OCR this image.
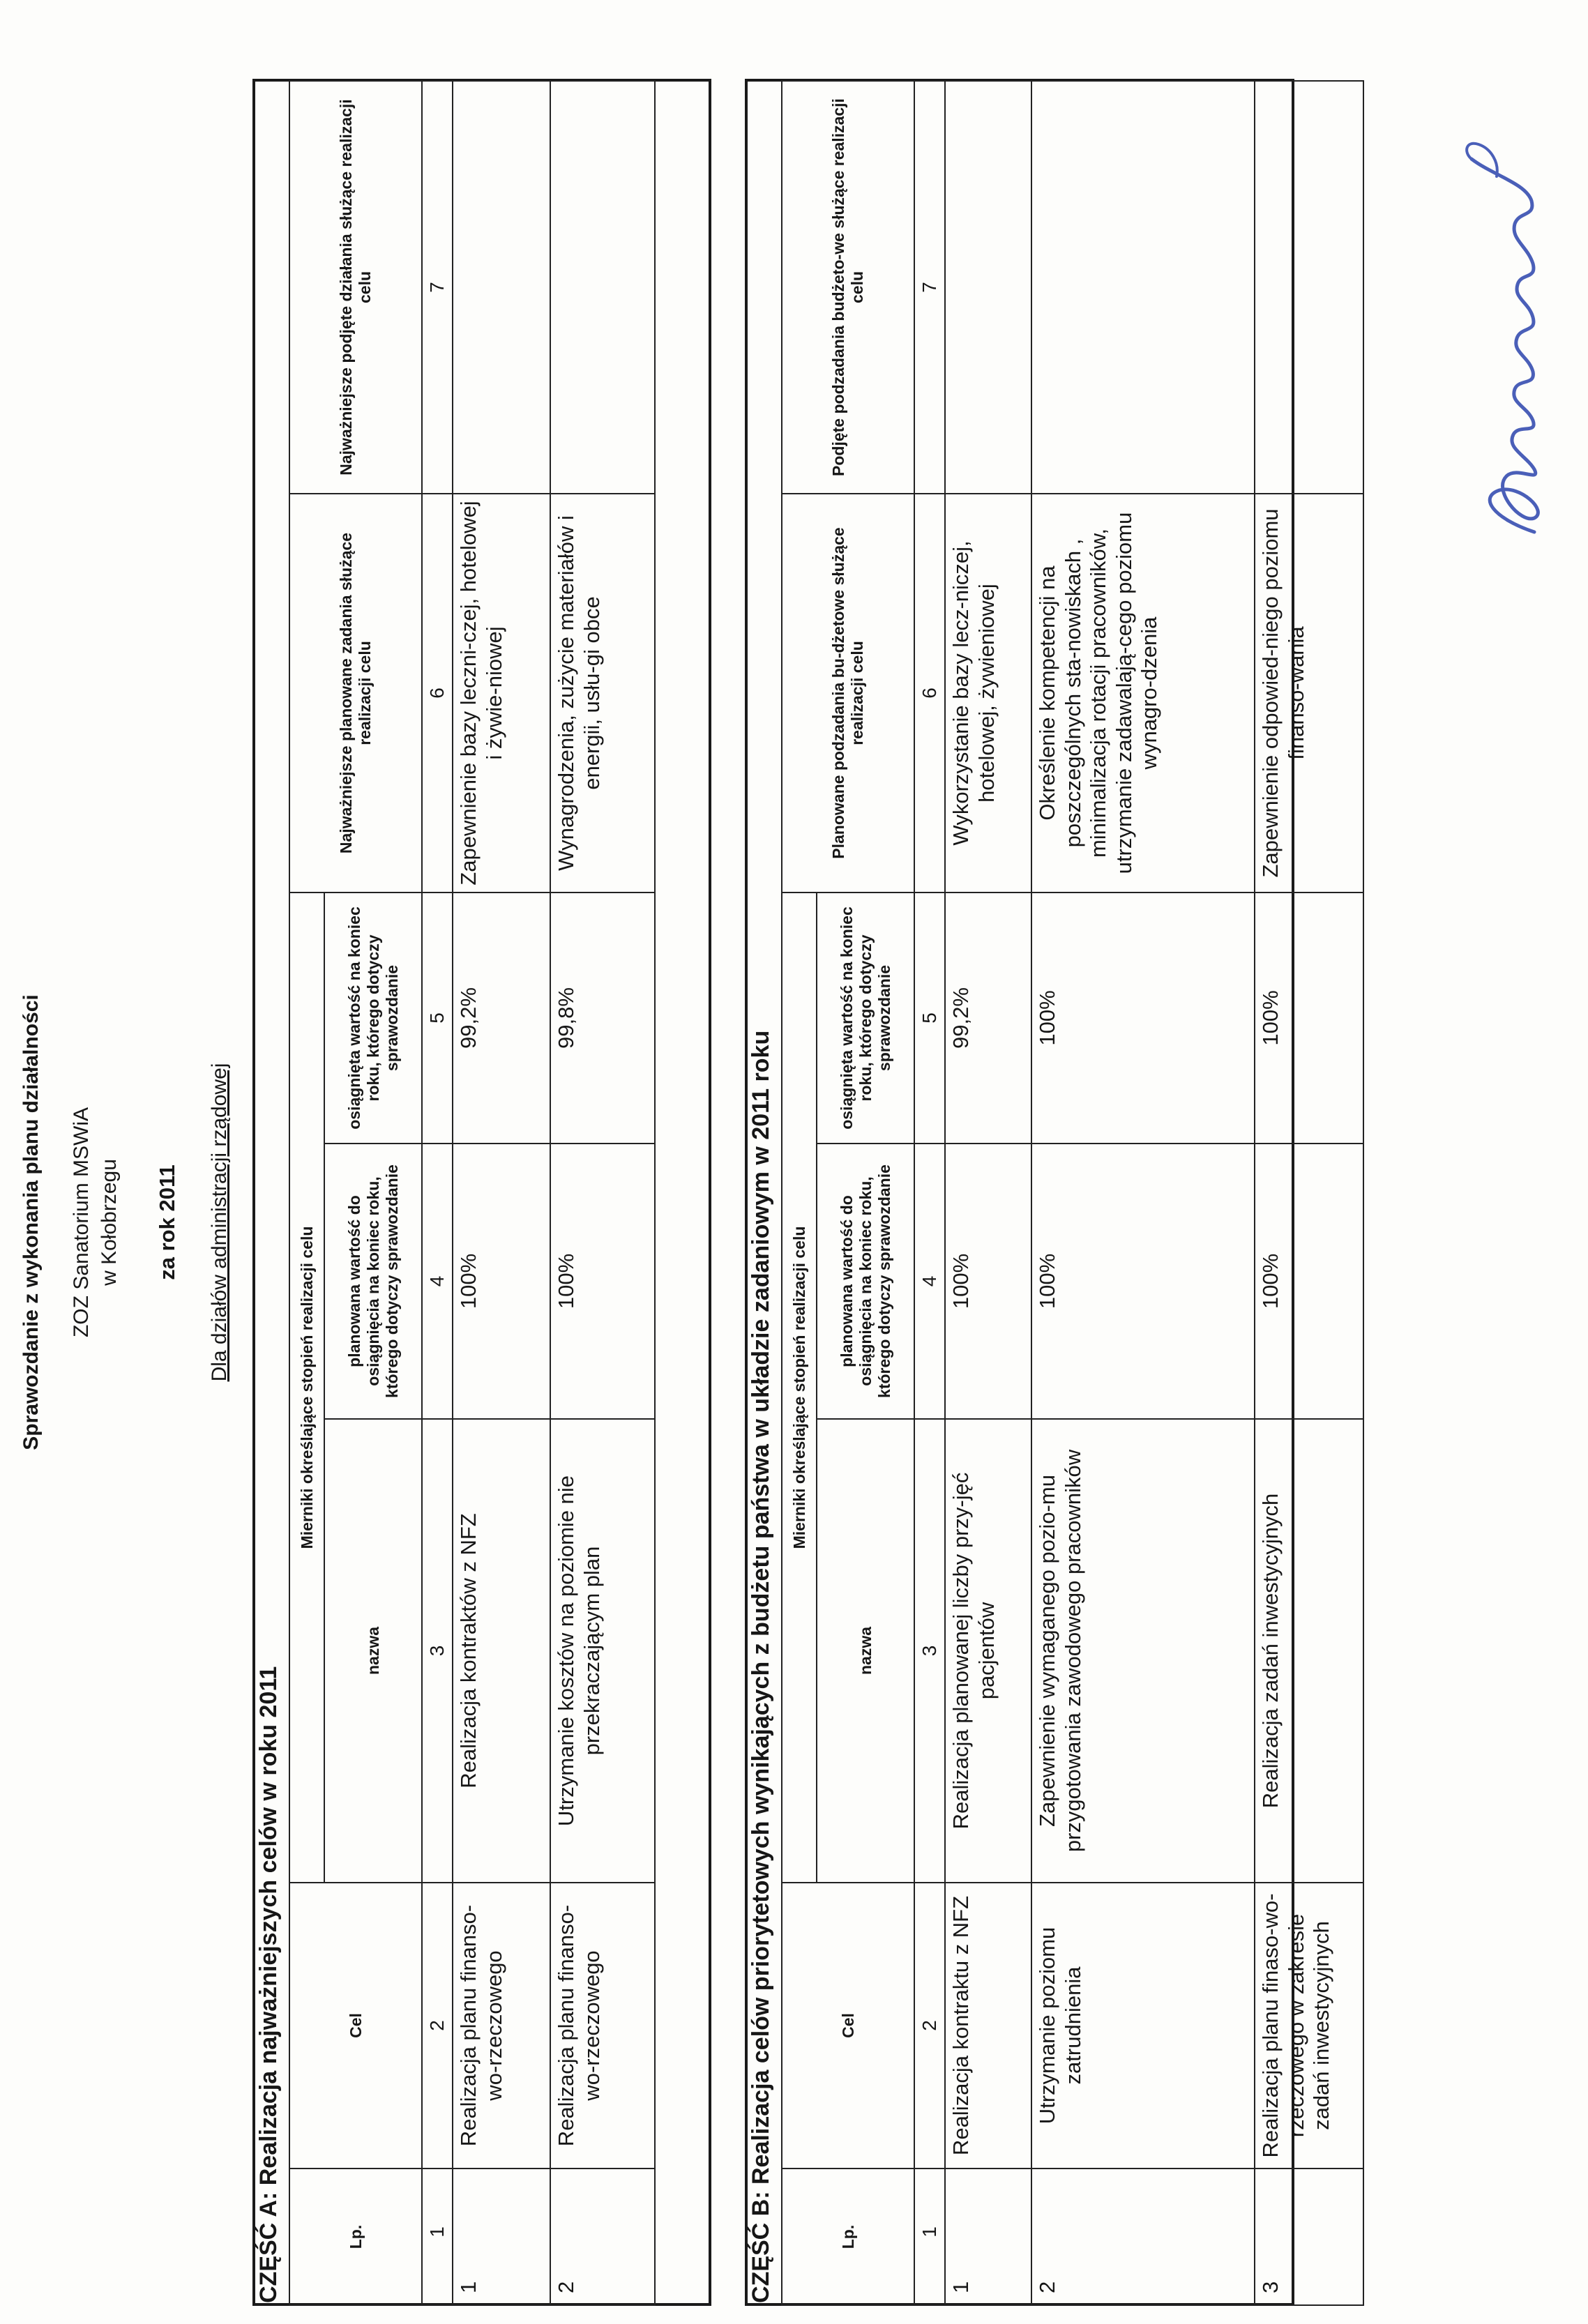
Sprawozdanie z wykonania planu działalności ZOZ Sanatorium MSWiA w Kołobrzegu za rok 2011 Dla działów administracji rządowej
CZĘŚĆ A: Realizacja najważniejszych celów w roku 2011	Lp.	Cel	Mierniki określające stopień realizacji celu			Najważniejsze planowane zadania służące realizacji celu	Najważniejsze podjęte działania służące realizacji celu
		nazwa	planowana wartość do osiągnięcia na koniec roku, którego dotyczy sprawozdanie	osiągnięta wartość na koniec roku, którego dotyczy sprawozdanie		
1	2	3	4	5	6	7
1	Realizacja planu finanso-wo-rzeczowego	Realizacja kontraktów z NFZ	100%	99,2%	Zapewnienie bazy leczni-czej, hotelowej i żywie-niowej	
2	Realizacja planu finanso-wo-rzeczowego	Utrzymanie kosztów na poziomie nie przekraczającym plan	100%	99,8%	Wynagrodzenia, zużycie materiałów i energii, usłu-gi obce	
CZĘŚĆ B: Realizacja celów priorytetowych wynikających z budżetu państwa w układzie zadaniowym w 2011 roku	Lp.	Cel	Mierniki określające stopień realizacji celu			Planowane podzadania bu-dżetowe służące realizacji celu	Podjęte podzadania budżeto-we służące realizacji celu
		nazwa	planowana wartość do osiągnięcia na koniec roku, którego dotyczy sprawozdanie	osiągnięta wartość na koniec roku, którego dotyczy sprawozdanie		
1	2	3	4	5	6	7
1	Realizacja kontraktu z NFZ	Realizacja planowanej liczby przy-jęć pacjentów	100%	99,2%	Wykorzystanie bazy lecz-niczej, hotelowej, żywieniowej	
2	Utrzymanie poziomu zatrudnienia	Zapewnienie wymaganego pozio-mu przygotowania zawodowego pracowników	100%	100%	Określenie kompetencji na poszczególnych sta-nowiskach , minimalizacja rotacji pracowników, utrzymanie zadawalają-cego poziomu wynagro-dzenia	
3	Realizacja planu finaso-wo-rzeczowego w zakresie zadań inwestycyjnych	Realizacja zadań inwestycyjnych	100%	100%	Zapewnienie odpowied-niego poziomu finanso-wania	
